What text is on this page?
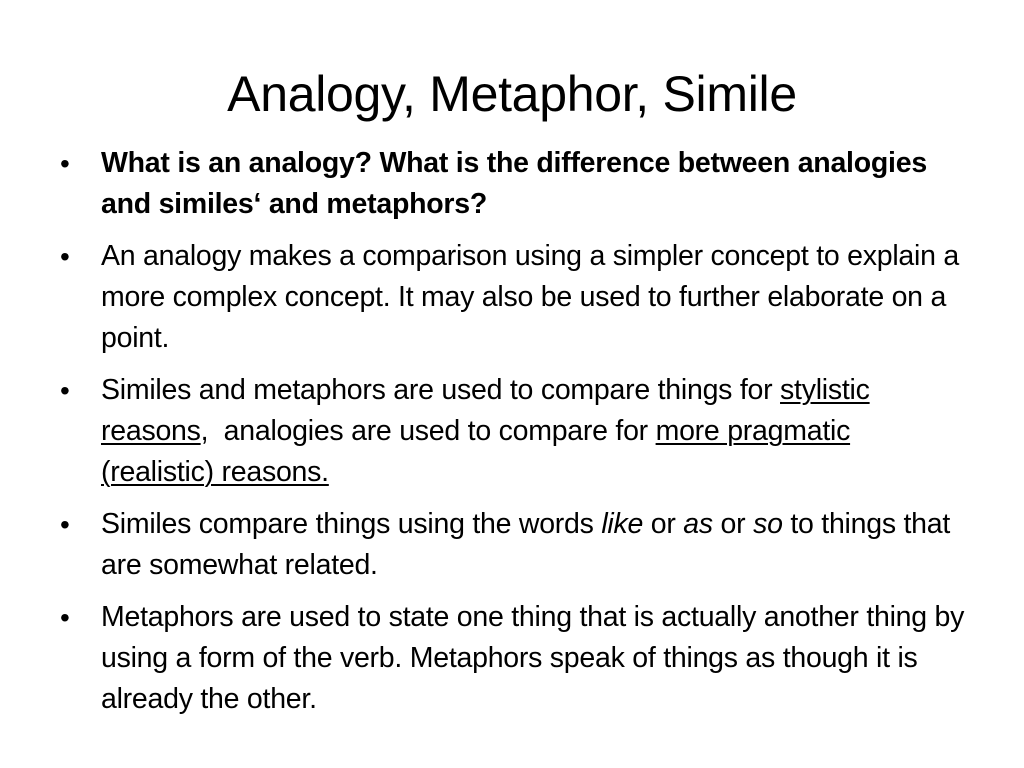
Analogy, Metaphor, Simile
• What is an analogy? What is the difference between analogies and similes‘ and metaphors?
• An analogy makes a comparison using a simpler concept to explain a more complex concept. It may also be used to further elaborate on a point.
• Similes and metaphors are used to compare things for stylistic reasons,  analogies are used to compare for more pragmatic (realistic) reasons.
• Similes compare things using the words like or as or so to things that are somewhat related.
• Metaphors are used to state one thing that is actually another thing by using a form of the verb. Metaphors speak of things as though it is already the other.
